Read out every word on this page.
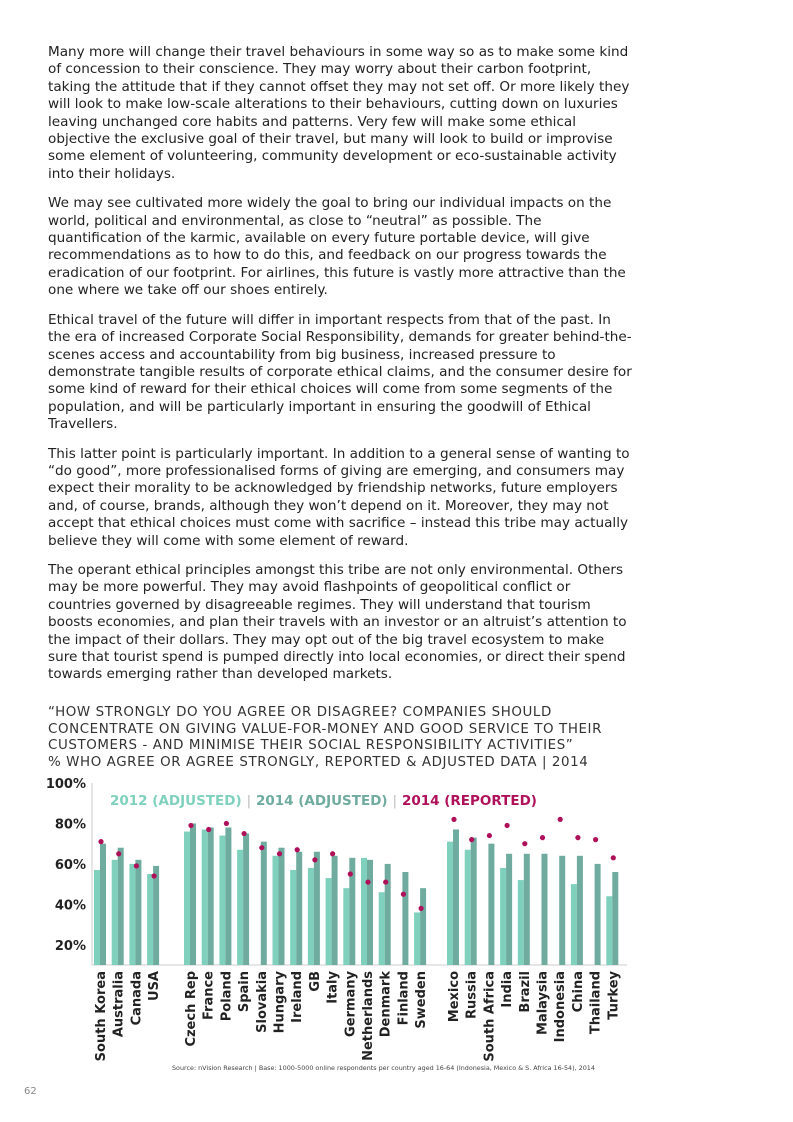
Many more will change their travel behaviours in some way so as to make some kind of concession to their conscience. They may worry about their carbon footprint, taking the attitude that if they cannot offset they may not set off. Or more likely they will look to make low-scale alterations to their behaviours, cutting down on luxuries leaving unchanged core habits and patterns. Very few will make some ethical objective the exclusive goal of their travel, but many will look to build or improvise some element of volunteering, community development or eco-sustainable activity into their holidays.

We may see cultivated more widely the goal to bring our individual impacts on the world, political and environmental, as close to “neutral” as possible. The quantification of the karmic, available on every future portable device, will give recommendations as to how to do this, and feedback on our progress towards the eradication of our footprint. For airlines, this future is vastly more attractive than the one where we take off our shoes entirely.

Ethical travel of the future will differ in important respects from that of the past. In the era of increased Corporate Social Responsibility, demands for greater behind-the-scenes access and accountability from big business, increased pressure to demonstrate tangible results of corporate ethical claims, and the consumer desire for some kind of reward for their ethical choices will come from some segments of the population, and will be particularly important in ensuring the goodwill of Ethical Travellers.

This latter point is particularly important. In addition to a general sense of wanting to “do good”, more professionalised forms of giving are emerging, and consumers may expect their morality to be acknowledged by friendship networks, future employers and, of course, brands, although they won’t depend on it. Moreover, they may not accept that ethical choices must come with sacrifice – instead this tribe may actually believe they will come with some element of reward.

The operant ethical principles amongst this tribe are not only environmental. Others may be more powerful. They may avoid flashpoints of geopolitical conflict or countries governed by disagreeable regimes. They will understand that tourism boosts economies, and plan their travels with an investor or an altruist’s attention to the impact of their dollars. They may opt out of the big travel ecosystem to make sure that tourist spend is pumped directly into local economies, or direct their spend towards emerging rather than developed markets.

“HOW STRONGLY DO YOU AGREE OR DISAGREE? COMPANIES SHOULD
CONCENTRATE ON GIVING VALUE-FOR-MONEY AND GOOD SERVICE TO THEIR
CUSTOMERS - AND MINIMISE THEIR SOCIAL RESPONSIBILITY ACTIVITIES”
% WHO AGREE OR AGREE STRONGLY, REPORTED & ADJUSTED DATA | 2014
20%
40%
60%
80%
100%
2012 (ADJUSTED) | 2014 (ADJUSTED) | 2014 (REPORTED)
South Korea Australia Canada USA Czech Rep France Poland Spain Slovakia Hungary Ireland GB Italy Germany Netherlands Denmark Finland Sweden Mexico Russia South Africa India Brazil Malaysia Indonesia China Thailand Turkey
Source: nVision Research | Base: 1000-5000 online respondents per country aged 16-64 (Indonesia, Mexico & S. Africa 16-54), 2014
62
